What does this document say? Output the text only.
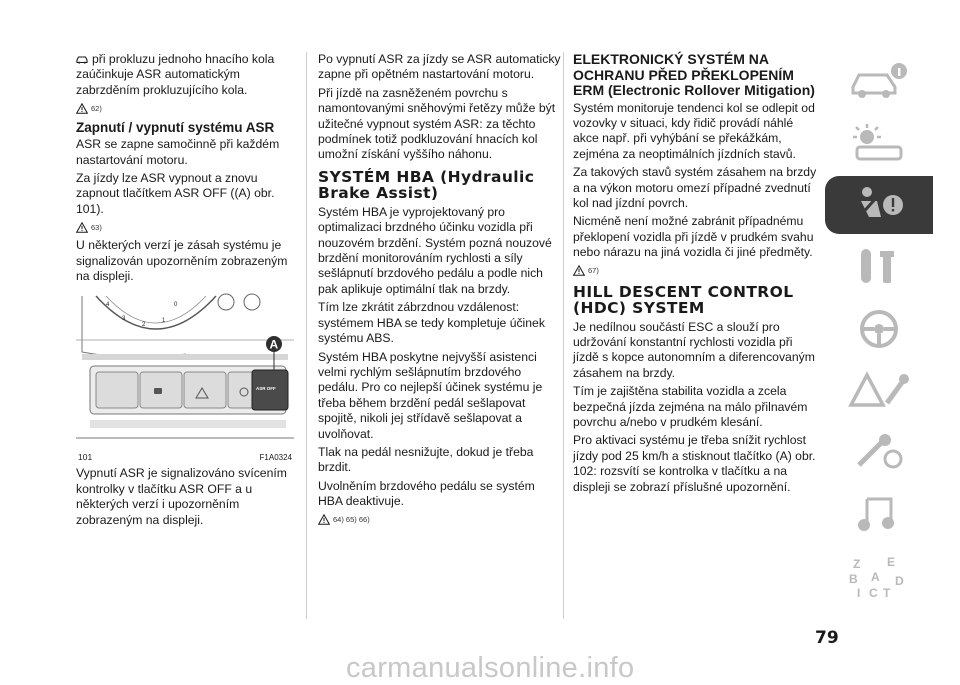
při prokluzu jednoho hnacího kola zaúčinkuje ASR automatickým zabrzděním prokluzujícího kola.

62)
Zapnutí / vypnutí systému ASR

ASR se zapne samočinně při každém nastartování motoru.

Za jízdy lze ASR vypnout a znovu zapnout tlačítkem ASR OFF ((A) obr. 101).

63)

U některých verzí je zásah systému je signalizován upozorněním zobrazeným na displeji.

4
3
2
1
0
ASR OFF
A
101	F1A0324

Vypnutí ASR je signalizováno svícením kontrolky v tlačítku ASR OFF a u některých verzí i upozorněním zobrazeným na displeji.

Po vypnutí ASR za jízdy se ASR automaticky zapne při opětném nastartování motoru.

Při jízdě na zasněženém povrchu s namontovanými sněhovými řetězy může být užitečné vypnout systém ASR: za těchto podmínek totiž podkluzování hnacích kol umožní získání vyššího náhonu.

SYSTÉM HBA (Hydraulic Brake Assist)

Systém HBA je vyprojektovaný pro optimalizaci brzdného účinku vozidla při nouzovém brzdění. Systém pozná nouzové brzdění monitorováním rychlosti a síly sešlápnutí brzdového pedálu a podle nich pak aplikuje optimální tlak na brzdy.

Tím lze zkrátit zábrzdnou vzdálenost: systémem HBA se tedy kompletuje účinek systému ABS.

Systém HBA poskytne nejvyšší asistenci velmi rychlým sešlápnutím brzdového pedálu. Pro co nejlepší účinek systému je třeba během brzdění pedál sešlapovat spojitě, nikoli jej střídavě sešlapovat a uvolňovat.

Tlak na pedál nesnižujte, dokud je třeba brzdit.

Uvolněním brzdového pedálu se systém HBA deaktivuje.

64) 65) 66)
ELEKTRONICKÝ SYSTÉM NA OCHRANU PŘED PŘEKLOPENÍM ERM (Electronic Rollover Mitigation)

Systém monitoruje tendenci kol se odlepit od vozovky v situaci, kdy řidič provádí náhlé akce např. při vyhýbání se překážkám, zejména za neoptimálních jízdních stavů.

Za takových stavů systém zásahem na brzdy a na výkon motoru omezí případné zvednutí kol nad jízdní povrch.

Nicméně není možné zabránit případnému překlopení vozidla při jízdě v prudkém svahu nebo nárazu na jiná vozidla či jiné předměty.

67)
HILL DESCENT CONTROL (HDC) SYSTEM

Je nedílnou součástí ESC a slouží pro udržování konstantní rychlosti vozidla při jízdě s kopce autonomním a diferencovaným zásahem na brzdy.

Tím je zajištěna stabilita vozidla a zcela bezpečná jízda zejména na málo přilnavém povrchu a/nebo v prudkém klesání.

Pro aktivaci systému je třeba snížit rychlost jízdy pod 25 km/h a stisknout tlačítko (A) obr. 102: rozsvítí se kontrolka v tlačítku a na displeji se zobrazí příslušné upozornění.

Z E
B A D
I C T
79
carmanualsonline.info
